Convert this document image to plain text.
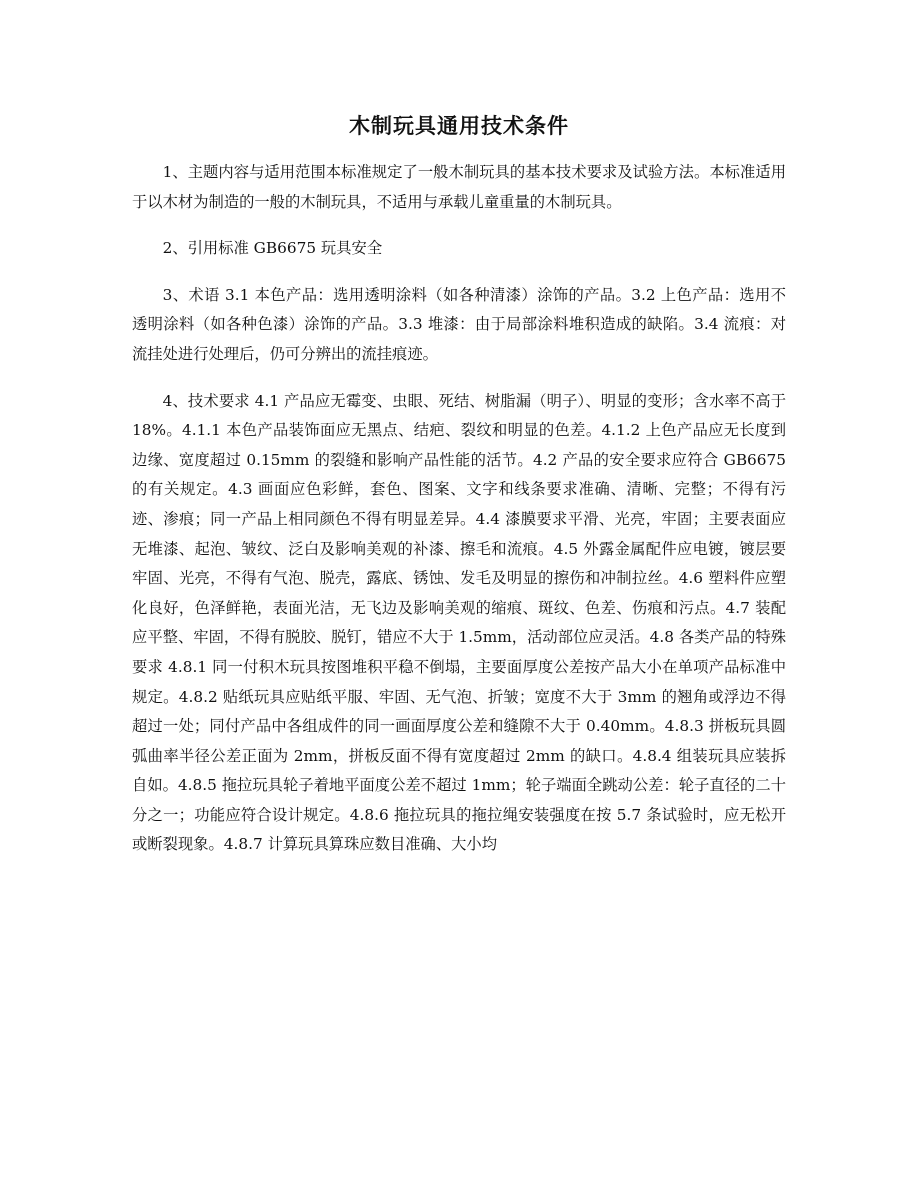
木制玩具通用技术条件

1、主题内容与适用范围本标准规定了一般木制玩具的基本技术要求及试验方法。本标准适用于以木材为制造的一般的木制玩具，不适用与承载儿童重量的木制玩具。

2、引用标准 GB6675 玩具安全

3、术语 3.1 本色产品：选用透明涂料（如各种清漆）涂饰的产品。3.2 上色产品：选用不透明涂料（如各种色漆）涂饰的产品。3.3 堆漆：由于局部涂料堆积造成的缺陷。3.4 流痕：对流挂处进行处理后，仍可分辨出的流挂痕迹。

4、技术要求 4.1 产品应无霉变、虫眼、死结、树脂漏（明子）、明显的变形；含水率不高于 18%。4.1.1 本色产品装饰面应无黑点、结疤、裂纹和明显的色差。4.1.2 上色产品应无长度到边缘、宽度超过 0.15mm 的裂缝和影响产品性能的活节。4.2 产品的安全要求应符合 GB6675 的有关规定。4.3 画面应色彩鲜，套色、图案、文字和线条要求准确、清晰、完整；不得有污迹、渗痕；同一产品上相同颜色不得有明显差异。4.4 漆膜要求平滑、光亮，牢固；主要表面应无堆漆、起泡、皱纹、泛白及影响美观的补漆、擦毛和流痕。4.5 外露金属配件应电镀，镀层要牢固、光亮，不得有气泡、脱壳，露底、锈蚀、发毛及明显的擦伤和冲制拉丝。4.6 塑料件应塑化良好，色泽鲜艳，表面光洁，无飞边及影响美观的缩痕、斑纹、色差、伤痕和污点。4.7 装配应平整、牢固，不得有脱胶、脱钉，错应不大于 1.5mm，活动部位应灵活。4.8 各类产品的特殊要求 4.8.1 同一付积木玩具按图堆积平稳不倒塌，主要面厚度公差按产品大小在单项产品标准中规定。4.8.2 贴纸玩具应贴纸平服、牢固、无气泡、折皱；宽度不大于 3mm 的翘角或浮边不得超过一处；同付产品中各组成件的同一画面厚度公差和缝隙不大于 0.40mm。4.8.3 拼板玩具圆弧曲率半径公差正面为 2mm，拼板反面不得有宽度超过 2mm 的缺口。4.8.4 组装玩具应装拆自如。4.8.5 拖拉玩具轮子着地平面度公差不超过 1mm；轮子端面全跳动公差：轮子直径的二十分之一；功能应符合设计规定。4.8.6 拖拉玩具的拖拉绳安装强度在按 5.7 条试验时，应无松开或断裂现象。4.8.7 计算玩具算珠应数目准确、大小均
